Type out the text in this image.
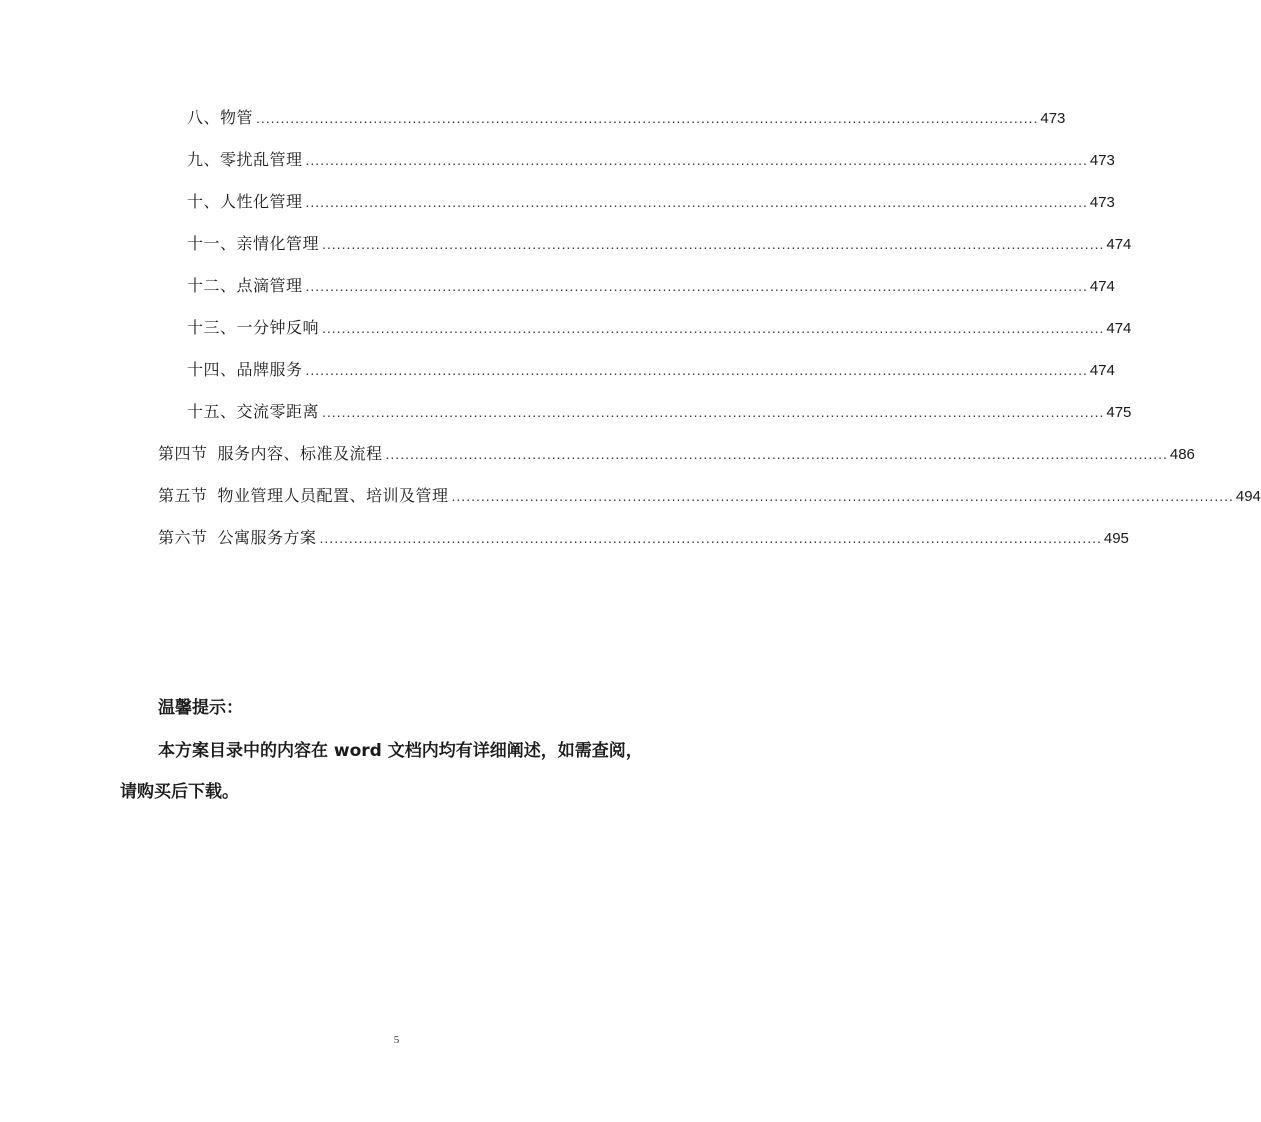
八、物管 ................................................................................................................................................................ 473
九、零扰乱管理 ................................................................................................................................................................ 473
十、人性化管理 ................................................................................................................................................................ 473
十一、亲情化管理 ................................................................................................................................................................ 474
十二、点滴管理 ................................................................................................................................................................ 474
十三、一分钟反响 ................................................................................................................................................................ 474
十四、品牌服务 ................................................................................................................................................................ 474
十五、交流零距离 ................................................................................................................................................................ 475
第四节 服务内容、标准及流程 ................................................................................................................................................................ 486
第五节 物业管理人员配置、培训及管理 ................................................................................................................................................................ 494
第六节 公寓服务方案 ................................................................................................................................................................ 495
温馨提示：
本方案目录中的内容在 word 文档内均有详细阐述，如需查阅，
请购买后下载。
5
